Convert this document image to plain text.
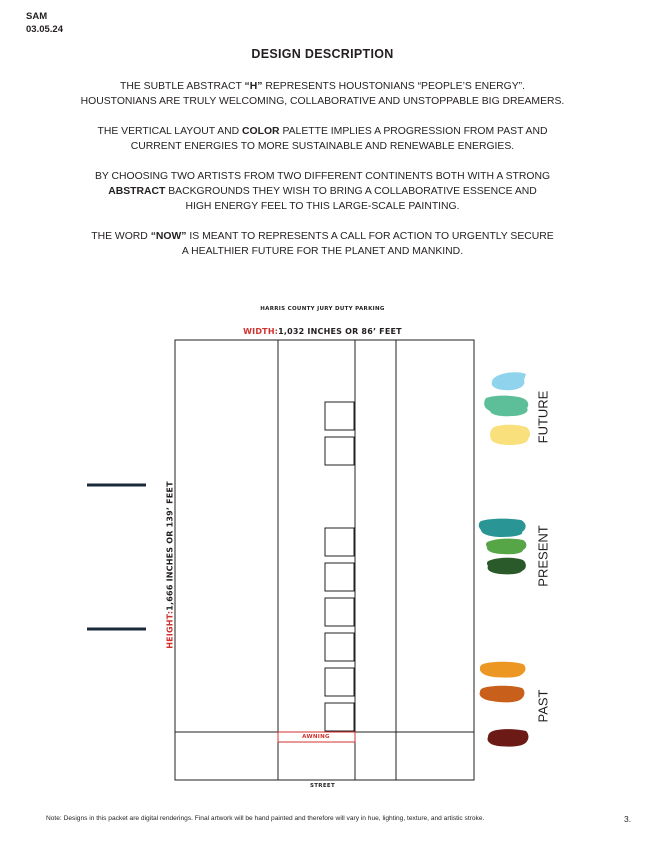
SAM
03.05.24
DESIGN DESCRIPTION
THE SUBTLE ABSTRACT “H” REPRESENTS HOUSTONIANS “PEOPLE’S ENERGY”.
HOUSTONIANS ARE TRULY WELCOMING, COLLABORATIVE AND UNSTOPPABLE BIG DREAMERS.
THE VERTICAL LAYOUT AND COLOR PALETTE IMPLIES A PROGRESSION FROM PAST AND
CURRENT ENERGIES TO MORE SUSTAINABLE AND RENEWABLE ENERGIES.
BY CHOOSING TWO ARTISTS FROM TWO DIFFERENT CONTINENTS BOTH WITH A STRONG
ABSTRACT BACKGROUNDS THEY WISH TO BRING A COLLABORATIVE ESSENCE AND
HIGH ENERGY FEEL TO THIS LARGE-SCALE PAINTING.
THE WORD “NOW” IS MEANT TO REPRESENTS A CALL FOR ACTION TO URGENTLY SECURE
A HEALTHIER FUTURE FOR THE PLANET AND MANKIND.
HARRIS COUNTY JURY DUTY PARKING
WIDTH:1,032 INCHES OR 86’ FEET
HEIGHT:1,666 INCHES OR 139’ FEET
AWNING
STREET
FUTURE
PRESENT
PAST
Note: Designs in this packet are digital renderings. Final artwork will be hand painted and therefore will vary in hue, lighting, texture, and artistic stroke.	3.
